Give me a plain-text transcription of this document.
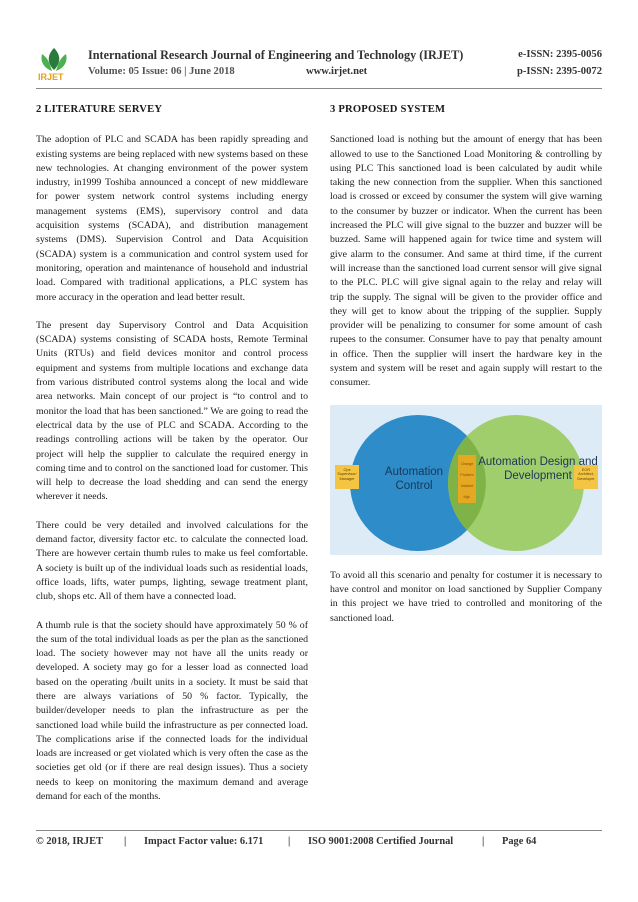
IRJET
International Research Journal of Engineering and Technology (IRJET)	e-ISSN: 2395-0056
Volume: 05 Issue: 06 | June 2018	www.irjet.net	p-ISSN: 2395-0072
2 LITERATURE SERVEY

The adoption of PLC and SCADA has been rapidly spreading and existing systems are being replaced with new systems based on these new technologies. At changing environment of the power system industry, in1999 Toshiba announced a concept of new middleware for power system network control systems including energy management systems (EMS), supervisory control and data acquisition systems (SCADA), and distribution management systems (DMS). Supervision Control and Data Acquisition (SCADA) system is a communication and control system used for monitoring, operation and maintenance of household and industrial load. Compared with traditional applications, a PLC system has more accuracy in the operation and lead better result.

The present day Supervisory Control and Data Acquisition (SCADA) systems consisting of SCADA hosts, Remote Terminal Units (RTUs) and field devices monitor and control process equipment and systems from multiple locations and exchange data from various distributed control systems along the local and wide area networks. Main concept of our project is “to control and to monitor the load that has been sanctioned.” We are going to read the electrical data by the use of PLC and SCADA. According to the readings controlling actions will be taken by the operator. Our project will help the supplier to calculate the required energy in coming time and to control on the sanctioned load for customer. This will help to decrease the load shedding and can send the energy wherever it needs.

There could be very detailed and involved calculations for the demand factor, diversity factor etc. to calculate the connected load. There are however certain thumb rules to make us feel comfortable. A society is built up of the individual loads such as residential loads, office loads, lifts, water pumps, lighting, sewage treatment plant, club, shops etc. All of them have a connected load.

A thumb rule is that the society should have approximately 50 % of the sum of the total individual loads as per the plan as the sanctioned load. The society however may not have all the units ready or developed. A society may go for a lesser load as connected load based on the operating /built units in a society. It must be said that there are always variations of 50 % factor. Typically, the builder/developer needs to plan the infrastructure as per the sanctioned load while build the infrastructure as per connected load. The complications arise if the connected loads for the individual loads are increased or get violated which is very often the case as the societies get old (or if there are real design issues). Thus a society needs to keep on monitoring the maximum demand and average demand for each of the months.

3 PROPOSED SYSTEM

Sanctioned load is nothing but the amount of energy that has been allowed to use to the Sanctioned Load Monitoring & controlling by using PLC This sanctioned load is been calculated by audit while taking the new connection from the supplier. When this sanctioned load is crossed or exceed by consumer the system will give warning to the consumer by buzzer or indicator. When the current has been increased the PLC will give signal to the buzzer and buzzer will be buzzed. Same will happened again for twice time and system will give alarm to the consumer. And same at third time, if the current will increase than the sanctioned load current sensor will give signal to the PLC. PLC will give signal again to the relay and relay will trip the supply. The signal will be given to the provider office and they will get to know about the tripping of the supplier. Supply provider will be penalizing to consumer for some amount of cash rupees to the consumer. Consumer have to pay that penalty amount in office. Then the supplier will insert the hardware key in the system and system will be reset and again supply will restart to the consumer.

Automation Control
Automation Design and Development
Ops Supervisor/ Manager
EOR Architect, Developer
Change
Problem
Incident
Mgt.

To avoid all this scenario and penalty for costumer it is necessary to have control and monitor on load sanctioned by Supplier Company in this project we have tried to controlled and monitoring of the sanctioned load.

© 2018, IRJET | Impact Factor value: 6.171 | ISO 9001:2008 Certified Journal	| Page 64
